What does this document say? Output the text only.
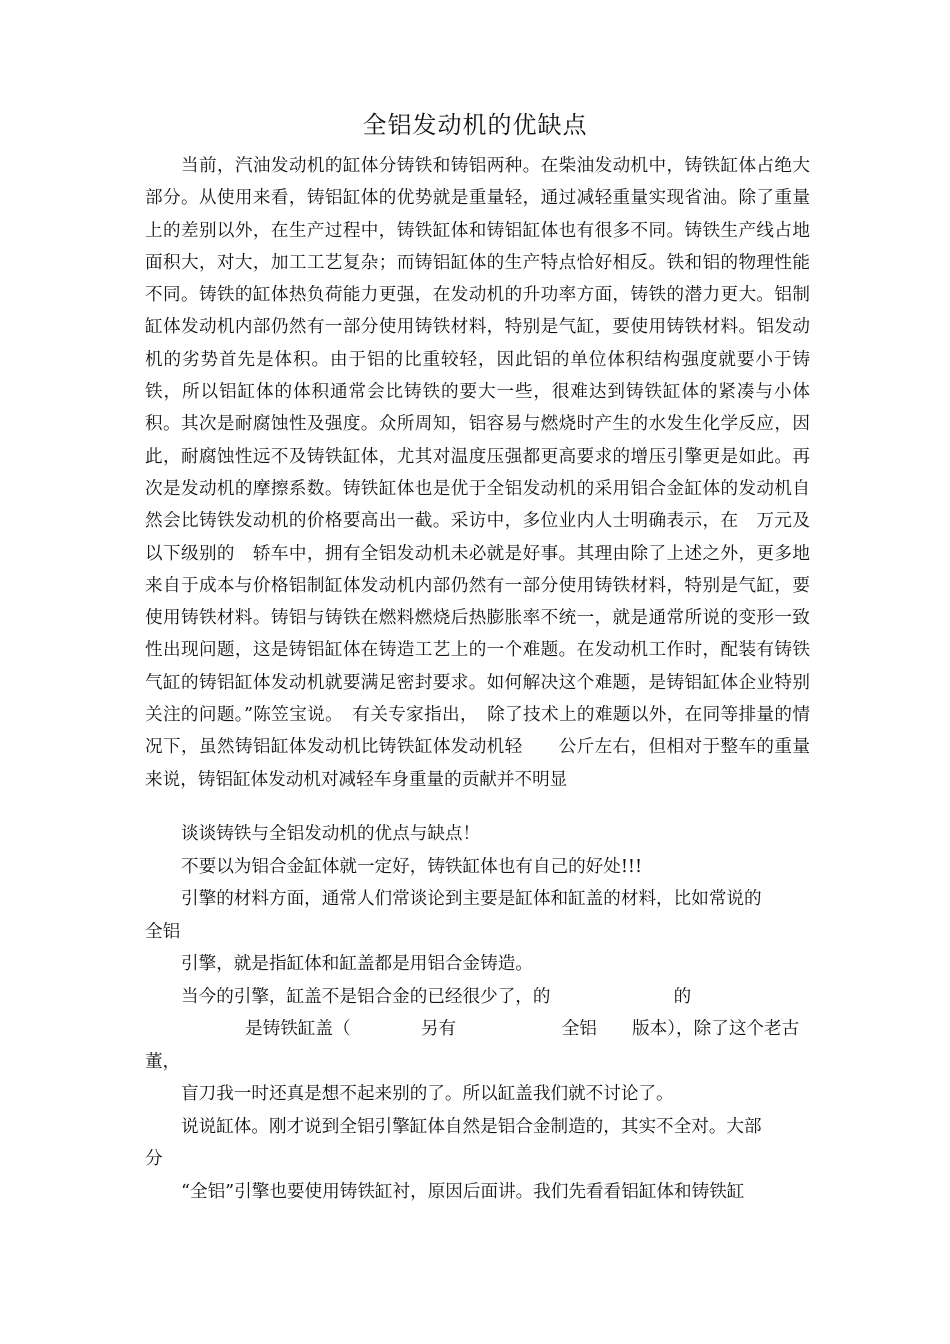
全铝发动机的优缺点

当前，汽油发动机的缸体分铸铁和铸铝两种。在柴油发动机中，铸铁缸体占绝大部分。从使用来看，铸铝缸体的优势就是重量轻，通过减轻重量实现省油。除了重量上的差别以外，在生产过程中，铸铁缸体和铸铝缸体也有很多不同。铸铁生产线占地面积大，对大，加工工艺复杂；而铸铝缸体的生产特点恰好相反。铁和铝的物理性能不同。铸铁的缸体热负荷能力更强，在发动机的升功率方面，铸铁的潜力更大。铝制缸体发动机内部仍然有一部分使用铸铁材料，特别是气缸，要使用铸铁材料。铝发动机的劣势首先是体积。由于铝的比重较轻，因此铝的单位体积结构强度就要小于铸铁，所以铝缸体的体积通常会比铸铁的要大一些，很难达到铸铁缸体的紧凑与小体积。其次是耐腐蚀性及强度。众所周知，铝容易与燃烧时产生的水发生化学反应，因此，耐腐蚀性远不及铸铁缸体，尤其对温度压强都更高要求的增压引擎更是如此。再次是发动机的摩擦系数。铸铁缸体也是优于全铝发动机的采用铝合金缸体的发动机自然会比铸铁发动机的价格要高出一截。采访中，多位业内人士明确表示，在　万元及以下级别的　轿车中，拥有全铝发动机未必就是好事。其理由除了上述之外，更多地来自于成本与价格铝制缸体发动机内部仍然有一部分使用铸铁材料，特别是气缸，要使用铸铁材料。铸铝与铸铁在燃料燃烧后热膨胀率不统一，就是通常所说的变形一致性出现问题，这是铸铝缸体在铸造工艺上的一个难题。在发动机工作时，配装有铸铁气缸的铸铝缸体发动机就要满足密封要求。如何解决这个难题，是铸铝缸体企业特别关注的问题。”陈笠宝说。　有关专家指出，　除了技术上的难题以外，在同等排量的情况下，虽然铸铝缸体发动机比铸铁缸体发动机轻　　公斤左右，但相对于整车的重量来说，铸铝缸体发动机对减轻车身重量的贡献并不明显

谈谈铸铁与全铝发动机的优点与缺点！

不要以为铝合金缸体就一定好，铸铁缸体也有自己的好处!!!

引擎的材料方面，通常人们常谈论到主要是缸体和缸盖的材料，比如常说的

全铝

引擎，就是指缸体和缸盖都是用铝合金铸造。

当今的引擎，缸盖不是铝合金的已经很少了，的　　　　　　　的

是铸铁缸盖（　　　　另有　　　　　　全铝　　版本），除了这个老古

董，

盲刀我一时还真是想不起来别的了。所以缸盖我们就不讨论了。

说说缸体。刚才说到全铝引擎缸体自然是铝合金制造的，其实不全对。大部

分

“全铝”引擎也要使用铸铁缸衬，原因后面讲。我们先看看铝缸体和铸铁缸
